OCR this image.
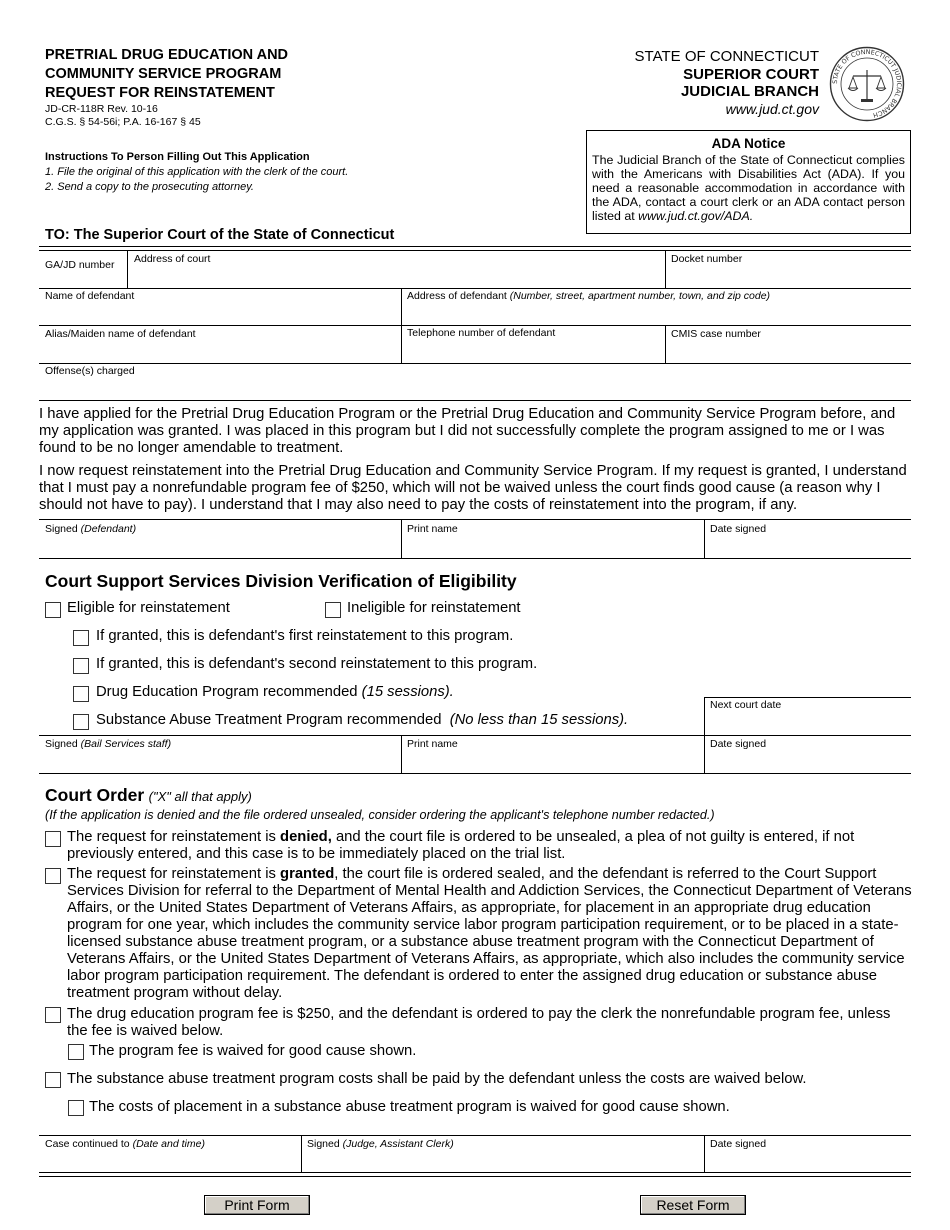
PRETRIAL DRUG EDUCATION AND
COMMUNITY SERVICE PROGRAM
REQUEST FOR REINSTATEMENT
JD-CR-118R Rev. 10-16
C.G.S. § 54-56i; P.A. 16-167 § 45
Instructions To Person Filling Out This Application
1. File the original of this application with the clerk of the court.
2. Send a copy to the prosecuting attorney.
STATE OF CONNECTICUT
SUPERIOR COURT
JUDICIAL BRANCH
www.jud.ct.gov
STATE OF CONNECTICUT JUDICIAL BRANCH
ADA Notice
The Judicial Branch of the State of Connecticut complies with the Americans with Disabilities Act (ADA). If you need a reasonable accommodation in accordance with the ADA, contact a court clerk or an ADA contact person listed at www.jud.ct.gov/ADA.
TO: The Superior Court of the State of Connecticut
GA/JD number	Address of court	Docket number
Name of defendant	Address of defendant (Number, street, apartment number, town, and zip code)
Alias/Maiden name of defendant	Telephone number of defendant	CMIS case number
Offense(s) charged
I have applied for the Pretrial Drug Education Program or the Pretrial Drug Education and Community Service Program before, and my application was granted. I was placed in this program but I did not successfully complete the program assigned to me or I was found to be no longer amendable to treatment.
I now request reinstatement into the Pretrial Drug Education and Community Service Program. If my request is granted, I understand that I must pay a nonrefundable program fee of $250, which will not be waived unless the court finds good cause (a reason why I should not have to pay). I understand that I may also need to pay the costs of reinstatement into the program, if any.
Signed (Defendant)	Print name	Date signed
Court Support Services Division Verification of Eligibility
Eligible for reinstatement	Ineligible for reinstatement
If granted, this is defendant's first reinstatement to this program.
If granted, this is defendant's second reinstatement to this program.
Drug Education Program recommended (15 sessions).
Substance Abuse Treatment Program recommended (No less than 15 sessions).
Next court date
Signed (Bail Services staff)	Print name	Date signed
Court Order ("X" all that apply)
(If the application is denied and the file ordered unsealed, consider ordering the applicant's telephone number redacted.)
The request for reinstatement is denied, and the court file is ordered to be unsealed, a plea of not guilty is entered, if not previously entered, and this case is to be immediately placed on the trial list.
The request for reinstatement is granted, the court file is ordered sealed, and the defendant is referred to the Court Support Services Division for referral to the Department of Mental Health and Addiction Services, the Connecticut Department of Veterans Affairs, or the United States Department of Veterans Affairs, as appropriate, for placement in an appropriate drug education program for one year, which includes the community service labor program participation requirement, or to be placed in a state-licensed substance abuse treatment program, or a substance abuse treatment program with the Connecticut Department of Veterans Affairs, or the United States Department of Veterans Affairs, as appropriate, which also includes the community service labor program participation requirement. The defendant is ordered to enter the assigned drug education or substance abuse treatment program without delay.
The drug education program fee is $250, and the defendant is ordered to pay the clerk the nonrefundable program fee, unless the fee is waived below.
The program fee is waived for good cause shown.
The substance abuse treatment program costs shall be paid by the defendant unless the costs are waived below.
The costs of placement in a substance abuse treatment program is waived for good cause shown.
Case continued to (Date and time)	Signed (Judge, Assistant Clerk)	Date signed
Print Form	Reset Form
